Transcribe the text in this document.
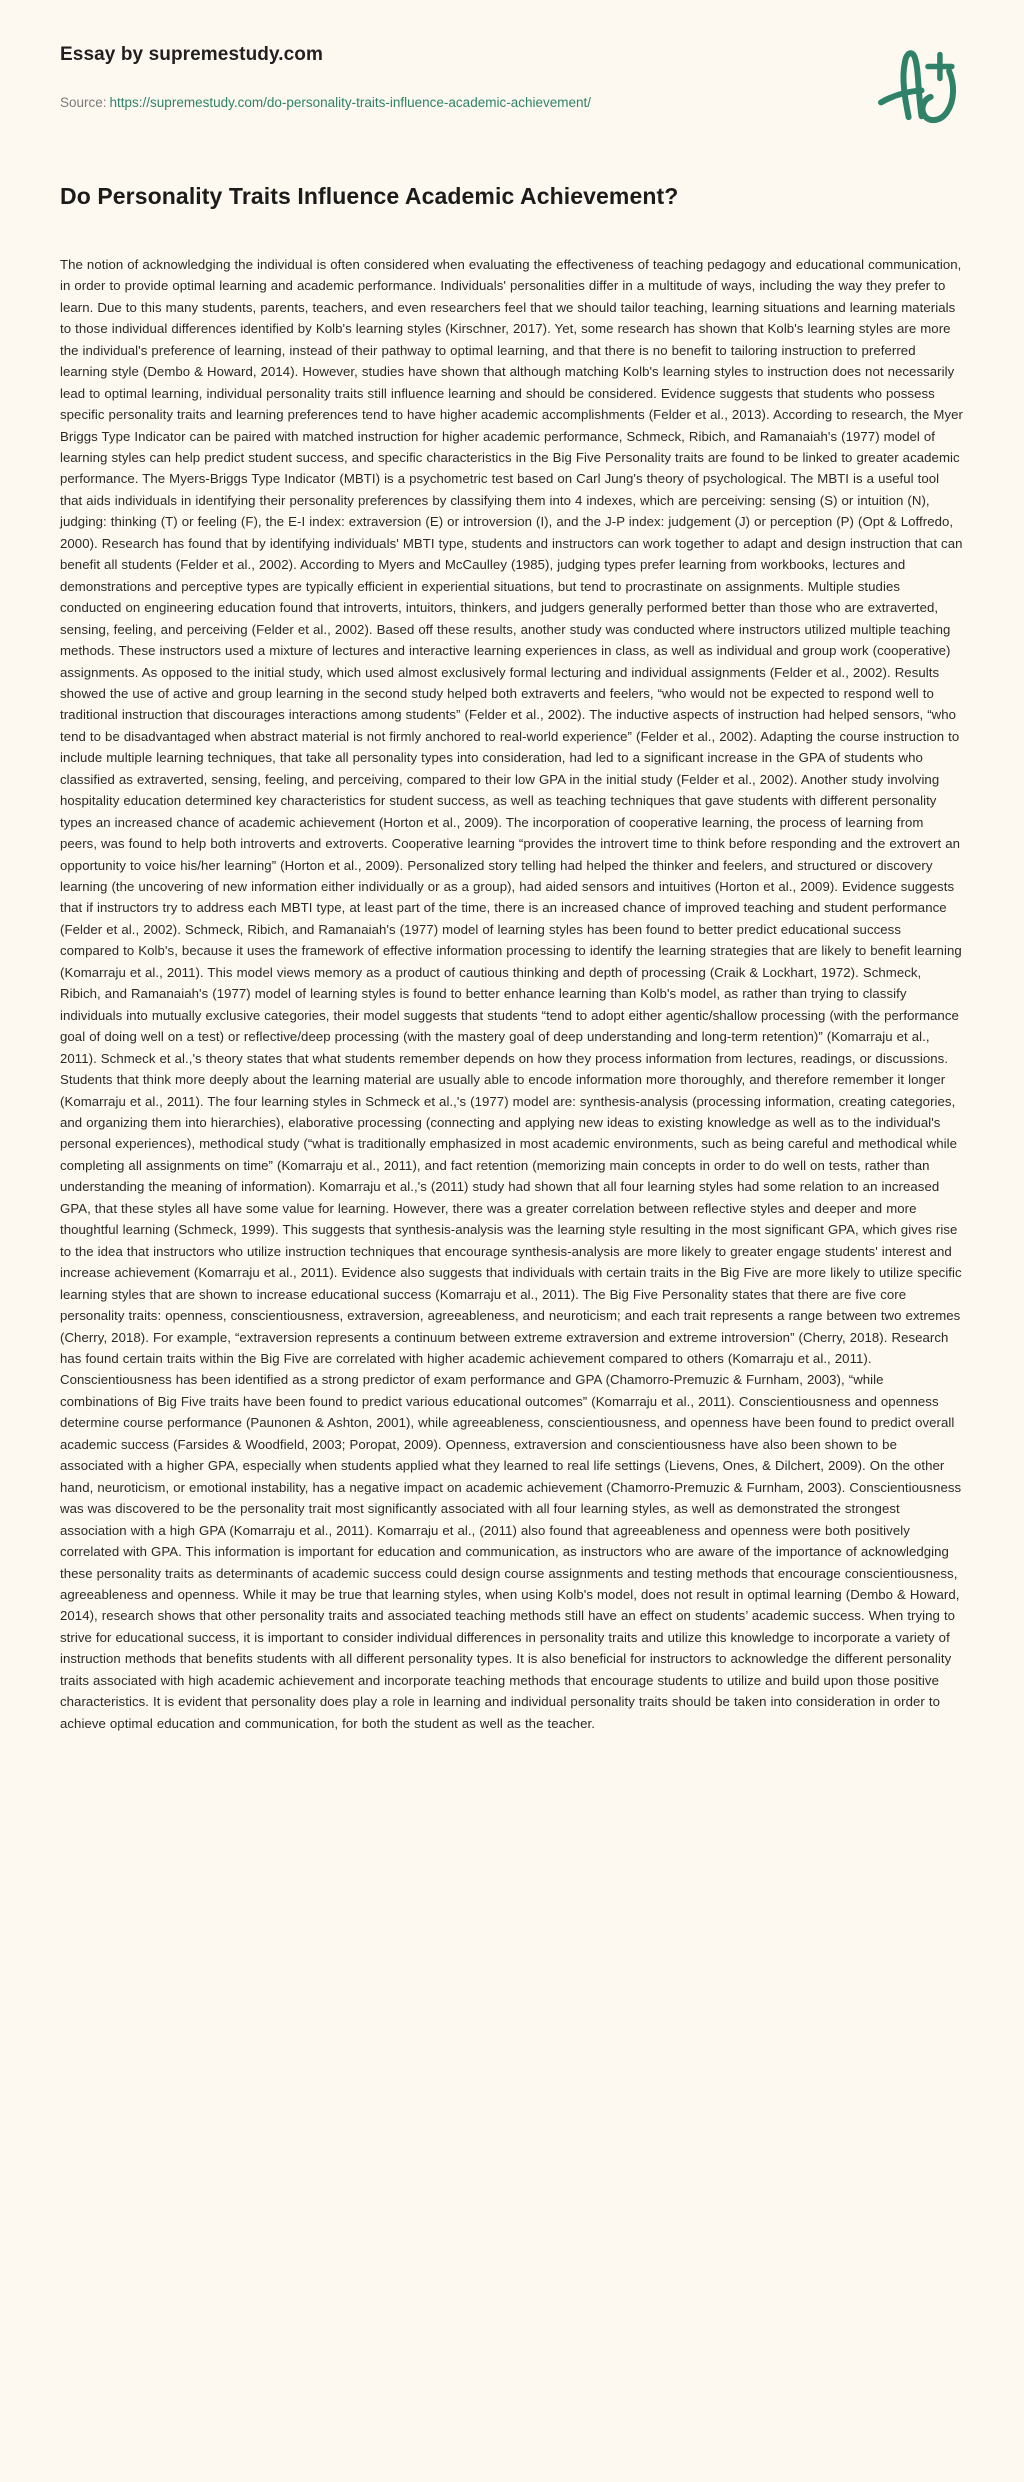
Essay by supremestudy.com
Source: https://supremestudy.com/do-personality-traits-influence-academic-achievement/
Do Personality Traits Influence Academic Achievement?

The notion of acknowledging the individual is often considered when evaluating the effectiveness of teaching pedagogy and educational communication, in order to provide optimal learning and academic performance. Individuals' personalities differ in a multitude of ways, including the way they prefer to learn. Due to this many students, parents, teachers, and even researchers feel that we should tailor teaching, learning situations and learning materials to those individual differences identified by Kolb's learning styles (Kirschner, 2017). Yet, some research has shown that Kolb's learning styles are more the individual's preference of learning, instead of their pathway to optimal learning, and that there is no benefit to tailoring instruction to preferred learning style (Dembo & Howard, 2014). However, studies have shown that although matching Kolb's learning styles to instruction does not necessarily lead to optimal learning, individual personality traits still influence learning and should be considered. Evidence suggests that students who possess specific personality traits and learning preferences tend to have higher academic accomplishments (Felder et al., 2013). According to research, the Myer Briggs Type Indicator can be paired with matched instruction for higher academic performance, Schmeck, Ribich, and Ramanaiah's (1977) model of learning styles can help predict student success, and specific characteristics in the Big Five Personality traits are found to be linked to greater academic performance. The Myers-Briggs Type Indicator (MBTI) is a psychometric test based on Carl Jung's theory of psychological. The MBTI is a useful tool that aids individuals in identifying their personality preferences by classifying them into 4 indexes, which are perceiving: sensing (S) or intuition (N), judging: thinking (T) or feeling (F), the E-I index: extraversion (E) or introversion (I), and the J-P index: judgement (J) or perception (P) (Opt & Loffredo, 2000). Research has found that by identifying individuals' MBTI type, students and instructors can work together to adapt and design instruction that can benefit all students (Felder et al., 2002). According to Myers and McCaulley (1985), judging types prefer learning from workbooks, lectures and demonstrations and perceptive types are typically efficient in experiential situations, but tend to procrastinate on assignments. Multiple studies conducted on engineering education found that introverts, intuitors, thinkers, and judgers generally performed better than those who are extraverted, sensing, feeling, and perceiving (Felder et al., 2002). Based off these results, another study was conducted where instructors utilized multiple teaching methods. These instructors used a mixture of lectures and interactive learning experiences in class, as well as individual and group work (cooperative) assignments. As opposed to the initial study, which used almost exclusively formal lecturing and individual assignments (Felder et al., 2002). Results showed the use of active and group learning in the second study helped both extraverts and feelers, “who would not be expected to respond well to traditional instruction that discourages interactions among students” (Felder et al., 2002). The inductive aspects of instruction had helped sensors, “who tend to be disadvantaged when abstract material is not firmly anchored to real-world experience” (Felder et al., 2002). Adapting the course instruction to include multiple learning techniques, that take all personality types into consideration, had led to a significant increase in the GPA of students who classified as extraverted, sensing, feeling, and perceiving, compared to their low GPA in the initial study (Felder et al., 2002). Another study involving hospitality education determined key characteristics for student success, as well as teaching techniques that gave students with different personality types an increased chance of academic achievement (Horton et al., 2009). The incorporation of cooperative learning, the process of learning from peers, was found to help both introverts and extroverts. Cooperative learning “provides the introvert time to think before responding and the extrovert an opportunity to voice his/her learning” (Horton et al., 2009). Personalized story telling had helped the thinker and feelers, and structured or discovery learning (the uncovering of new information either individually or as a group), had aided sensors and intuitives (Horton et al., 2009). Evidence suggests that if instructors try to address each MBTI type, at least part of the time, there is an increased chance of improved teaching and student performance (Felder et al., 2002). Schmeck, Ribich, and Ramanaiah's (1977) model of learning styles has been found to better predict educational success compared to Kolb's, because it uses the framework of effective information processing to identify the learning strategies that are likely to benefit learning (Komarraju et al., 2011). This model views memory as a product of cautious thinking and depth of processing (Craik & Lockhart, 1972). Schmeck, Ribich, and Ramanaiah's (1977) model of learning styles is found to better enhance learning than Kolb's model, as rather than trying to classify individuals into mutually exclusive categories, their model suggests that students “tend to adopt either agentic/shallow processing (with the performance goal of doing well on a test) or reflective/deep processing (with the mastery goal of deep understanding and long-term retention)” (Komarraju et al., 2011). Schmeck et al.,'s theory states that what students remember depends on how they process information from lectures, readings, or discussions. Students that think more deeply about the learning material are usually able to encode information more thoroughly, and therefore remember it longer (Komarraju et al., 2011). The four learning styles in Schmeck et al.,'s (1977) model are: synthesis-analysis (processing information, creating categories, and organizing them into hierarchies), elaborative processing (connecting and applying new ideas to existing knowledge as well as to the individual's personal experiences), methodical study (“what is traditionally emphasized in most academic environments, such as being careful and methodical while completing all assignments on time” (Komarraju et al., 2011), and fact retention (memorizing main concepts in order to do well on tests, rather than understanding the meaning of information). Komarraju et al.,'s (2011) study had shown that all four learning styles had some relation to an increased GPA, that these styles all have some value for learning. However, there was a greater correlation between reflective styles and deeper and more thoughtful learning (Schmeck, 1999). This suggests that synthesis-analysis was the learning style resulting in the most significant GPA, which gives rise to the idea that instructors who utilize instruction techniques that encourage synthesis-analysis are more likely to greater engage students' interest and increase achievement (Komarraju et al., 2011). Evidence also suggests that individuals with certain traits in the Big Five are more likely to utilize specific learning styles that are shown to increase educational success (Komarraju et al., 2011). The Big Five Personality states that there are five core personality traits: openness, conscientiousness, extraversion, agreeableness, and neuroticism; and each trait represents a range between two extremes (Cherry, 2018). For example, “extraversion represents a continuum between extreme extraversion and extreme introversion” (Cherry, 2018). Research has found certain traits within the Big Five are correlated with higher academic achievement compared to others (Komarraju et al., 2011). Conscientiousness has been identified as a strong predictor of exam performance and GPA (Chamorro-Premuzic & Furnham, 2003), “while combinations of Big Five traits have been found to predict various educational outcomes” (Komarraju et al., 2011). Conscientiousness and openness determine course performance (Paunonen & Ashton, 2001), while agreeableness, conscientiousness, and openness have been found to predict overall academic success (Farsides & Woodfield, 2003; Poropat, 2009). Openness, extraversion and conscientiousness have also been shown to be associated with a higher GPA, especially when students applied what they learned to real life settings (Lievens, Ones, & Dilchert, 2009). On the other hand, neuroticism, or emotional instability, has a negative impact on academic achievement (Chamorro-Premuzic & Furnham, 2003). Conscientiousness was was discovered to be the personality trait most significantly associated with all four learning styles, as well as demonstrated the strongest association with a high GPA (Komarraju et al., 2011). Komarraju et al., (2011) also found that agreeableness and openness were both positively correlated with GPA. This information is important for education and communication, as instructors who are aware of the importance of acknowledging these personality traits as determinants of academic success could design course assignments and testing methods that encourage conscientiousness, agreeableness and openness. While it may be true that learning styles, when using Kolb's model, does not result in optimal learning (Dembo & Howard, 2014), research shows that other personality traits and associated teaching methods still have an effect on students’ academic success. When trying to strive for educational success, it is important to consider individual differences in personality traits and utilize this knowledge to incorporate a variety of instruction methods that benefits students with all different personality types. It is also beneficial for instructors to acknowledge the different personality traits associated with high academic achievement and incorporate teaching methods that encourage students to utilize and build upon those positive characteristics. It is evident that personality does play a role in learning and individual personality traits should be taken into consideration in order to achieve optimal education and communication, for both the student as well as the teacher.
